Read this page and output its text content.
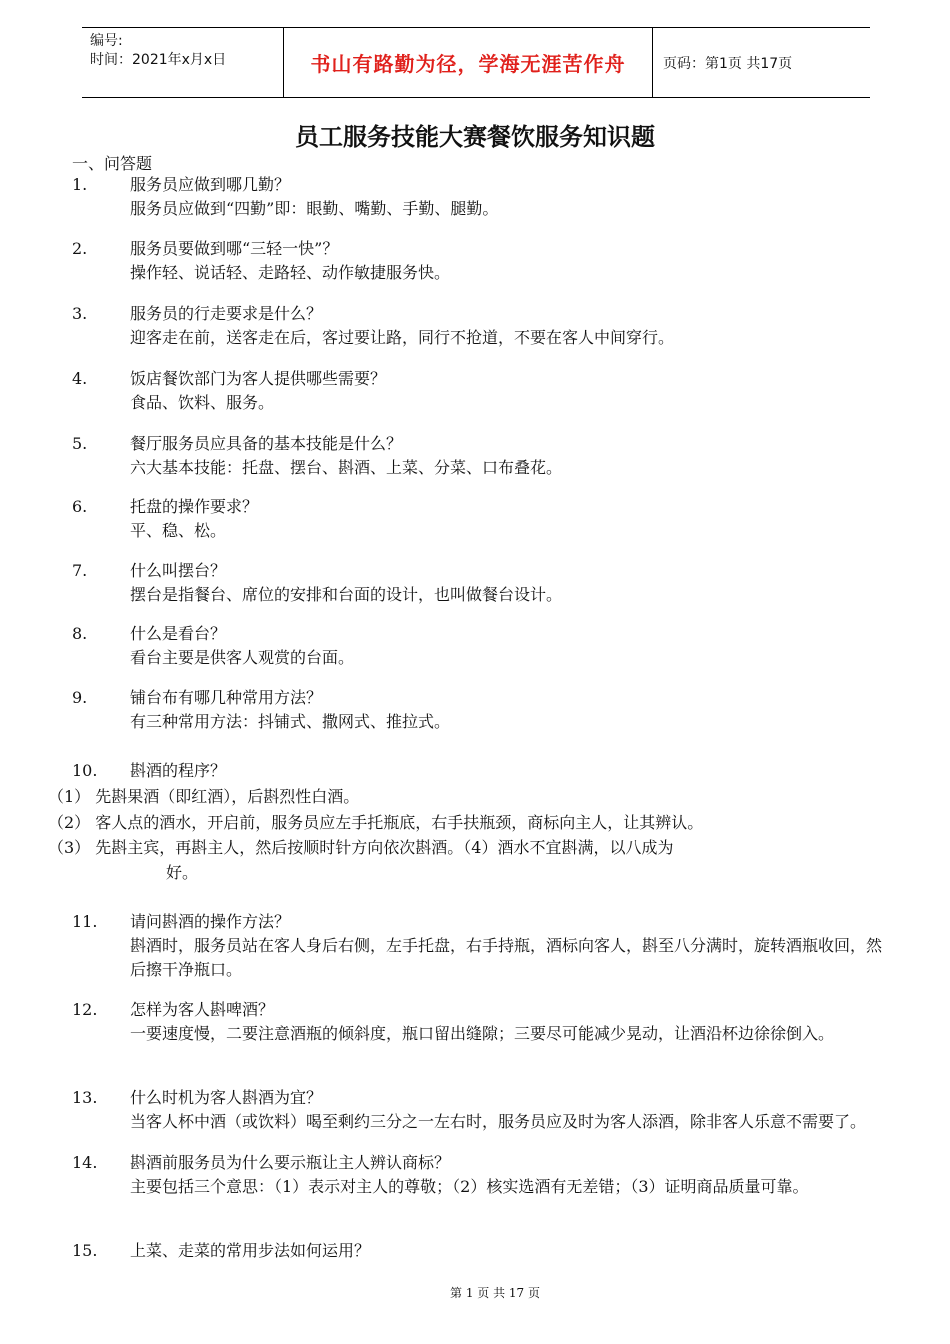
编号:
时间：2021年x月x日	书山有路勤为径，学海无涯苦作舟	页码：第1页 共17页
员工服务技能大赛餐饮服务知识题
一、问答题
1.	服务员应做到哪几勤？
服务员应做到“四勤”即：眼勤、嘴勤、手勤、腿勤。
2.	服务员要做到哪“三轻一快”？
操作轻、说话轻、走路轻、动作敏捷服务快。
3.	服务员的行走要求是什么？
迎客走在前，送客走在后，客过要让路，同行不抢道，不要在客人中间穿行。
4.	饭店餐饮部门为客人提供哪些需要？
食品、饮料、服务。
5.	餐厅服务员应具备的基本技能是什么？
六大基本技能：托盘、摆台、斟酒、上菜、分菜、口布叠花。
6.	托盘的操作要求？
平、稳、松。
7.	什么叫摆台？
摆台是指餐台、席位的安排和台面的设计，也叫做餐台设计。
8.	什么是看台？
看台主要是供客人观赏的台面。
9.	铺台布有哪几种常用方法？
有三种常用方法：抖铺式、撒网式、推拉式。
10. 斟酒的程序？
（1） 先斟果酒（即红酒），后斟烈性白酒。
（2） 客人点的酒水，开启前，服务员应左手托瓶底，右手扶瓶颈，商标向主人，让其辨认。
（3） 先斟主宾，再斟主人，然后按顺时针方向依次斟酒。（4）酒水不宜斟满，以八成为
好。
11. 请问斟酒的操作方法？
斟酒时，服务员站在客人身后右侧，左手托盘，右手持瓶，酒标向客人，斟至八分满时，旋转酒瓶收回，然后擦干净瓶口。
12. 怎样为客人斟啤酒？
一要速度慢，二要注意酒瓶的倾斜度，瓶口留出缝隙；三要尽可能减少晃动，让酒沿杯边徐徐倒入。
13. 什么时机为客人斟酒为宜？
当客人杯中酒（或饮料）喝至剩约三分之一左右时，服务员应及时为客人添酒，除非客人乐意不需要了。
14. 斟酒前服务员为什么要示瓶让主人辨认商标？
主要包括三个意思：（1）表示对主人的尊敬；（2）核实选酒有无差错；（3）证明商品质量可靠。
15. 上菜、走菜的常用步法如何运用？
第 1 页 共 17 页
